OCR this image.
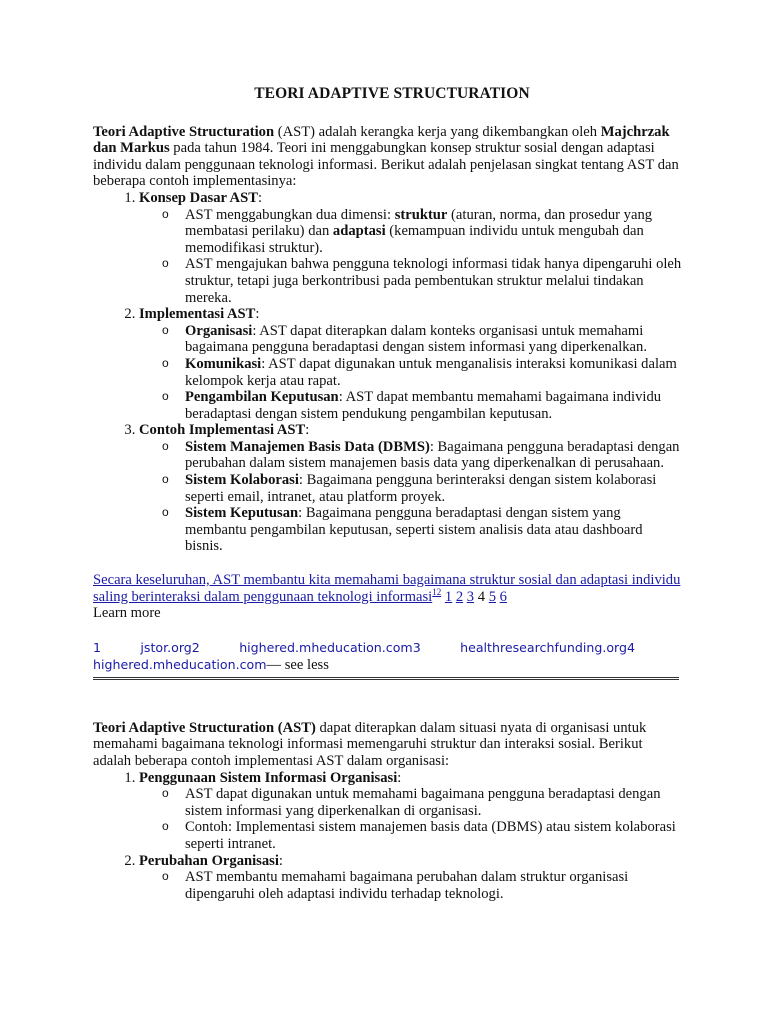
TEORI ADAPTIVE STRUCTURATION

Teori Adaptive Structuration (AST) adalah kerangka kerja yang dikembangkan oleh Majchrzak dan Markus pada tahun 1984. Teori ini menggabungkan konsep struktur sosial dengan adaptasi individu dalam penggunaan teknologi informasi. Berikut adalah penjelasan singkat tentang AST dan beberapa contoh implementasinya:

1. Konsep Dasar AST:
o AST menggabungkan dua dimensi: struktur (aturan, norma, dan prosedur yang membatasi perilaku) dan adaptasi (kemampuan individu untuk mengubah dan memodifikasi struktur).
o AST mengajukan bahwa pengguna teknologi informasi tidak hanya dipengaruhi oleh struktur, tetapi juga berkontribusi pada pembentukan struktur melalui tindakan mereka.
2. Implementasi AST:
o Organisasi: AST dapat diterapkan dalam konteks organisasi untuk memahami bagaimana pengguna beradaptasi dengan sistem informasi yang diperkenalkan.
o Komunikasi: AST dapat digunakan untuk menganalisis interaksi komunikasi dalam kelompok kerja atau rapat.
o Pengambilan Keputusan: AST dapat membantu memahami bagaimana individu beradaptasi dengan sistem pendukung pengambilan keputusan.
3. Contoh Implementasi AST:
o Sistem Manajemen Basis Data (DBMS): Bagaimana pengguna beradaptasi dengan perubahan dalam sistem manajemen basis data yang diperkenalkan di perusahaan.
o Sistem Kolaborasi: Bagaimana pengguna berinteraksi dengan sistem kolaborasi seperti email, intranet, atau platform proyek.
o Sistem Keputusan: Bagaimana pengguna beradaptasi dengan sistem yang membantu pengambilan keputusan, seperti sistem analisis data atau dashboard bisnis.

Secara keseluruhan, AST membantu kita memahami bagaimana struktur sosial dan adaptasi individu saling berinteraksi dalam penggunaan teknologi informasi$^{12}$ 1 2 3 4 5 6
Learn more

1	jstor.org2	highered.mheducation.com3	healthresearchfunding.org4
highered.mheducation.com— see less

Teori Adaptive Structuration (AST) dapat diterapkan dalam situasi nyata di organisasi untuk memahami bagaimana teknologi informasi memengaruhi struktur dan interaksi sosial. Berikut adalah beberapa contoh implementasi AST dalam organisasi:

1. Penggunaan Sistem Informasi Organisasi:
o AST dapat digunakan untuk memahami bagaimana pengguna beradaptasi dengan sistem informasi yang diperkenalkan di organisasi.
o Contoh: Implementasi sistem manajemen basis data (DBMS) atau sistem kolaborasi seperti intranet.
2. Perubahan Organisasi:
o AST membantu memahami bagaimana perubahan dalam struktur organisasi dipengaruhi oleh adaptasi individu terhadap teknologi.
